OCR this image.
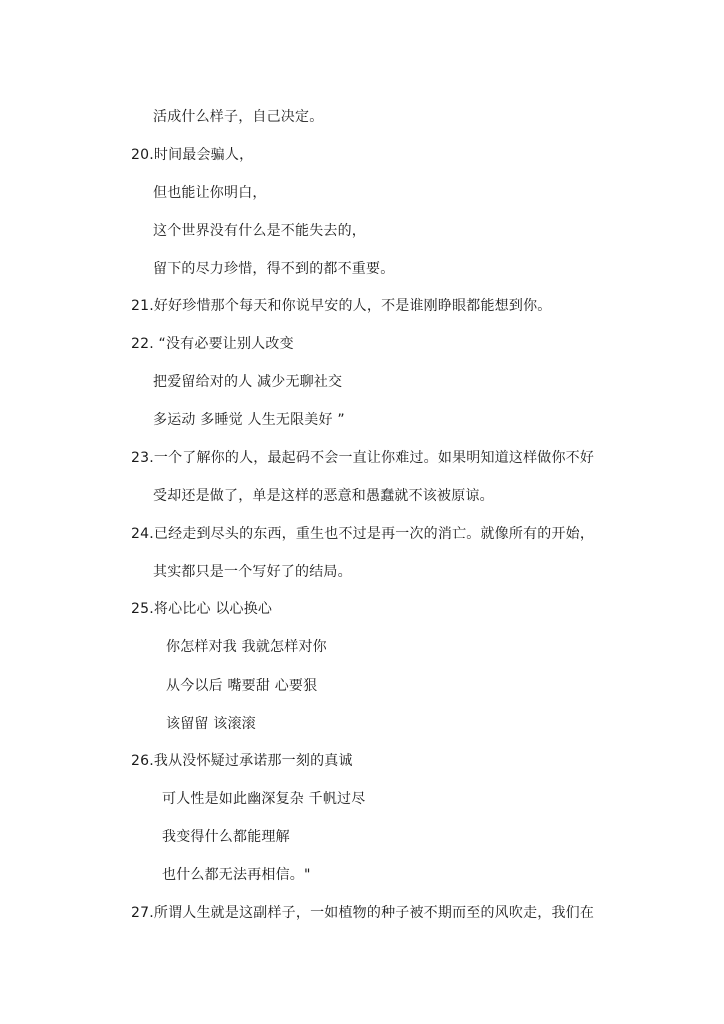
活成什么样子，自己决定。
20.时间最会骗人，
但也能让你明白，
这个世界没有什么是不能失去的，
留下的尽力珍惜，得不到的都不重要。
21.好好珍惜那个每天和你说早安的人，不是谁刚睁眼都能想到你。
22. “没有必要让别人改变
把爱留给对的人 减少无聊社交
多运动 多睡觉 人生无限美好 ”
23.一个了解你的人，最起码不会一直让你难过。如果明知道这样做你不好
受却还是做了，单是这样的恶意和愚蠢就不该被原谅。
24.已经走到尽头的东西，重生也不过是再一次的消亡。就像所有的开始，
其实都只是一个写好了的结局。
25.将心比心 以心换心
你怎样对我 我就怎样对你
从今以后 嘴要甜 心要狠
该留留 该滚滚
26.我从没怀疑过承诺那一刻的真诚
可人性是如此幽深复杂 千帆过尽
我变得什么都能理解
也什么都无法再相信。"
27.所谓人生就是这副样子，一如植物的种子被不期而至的风吹走，我们在
